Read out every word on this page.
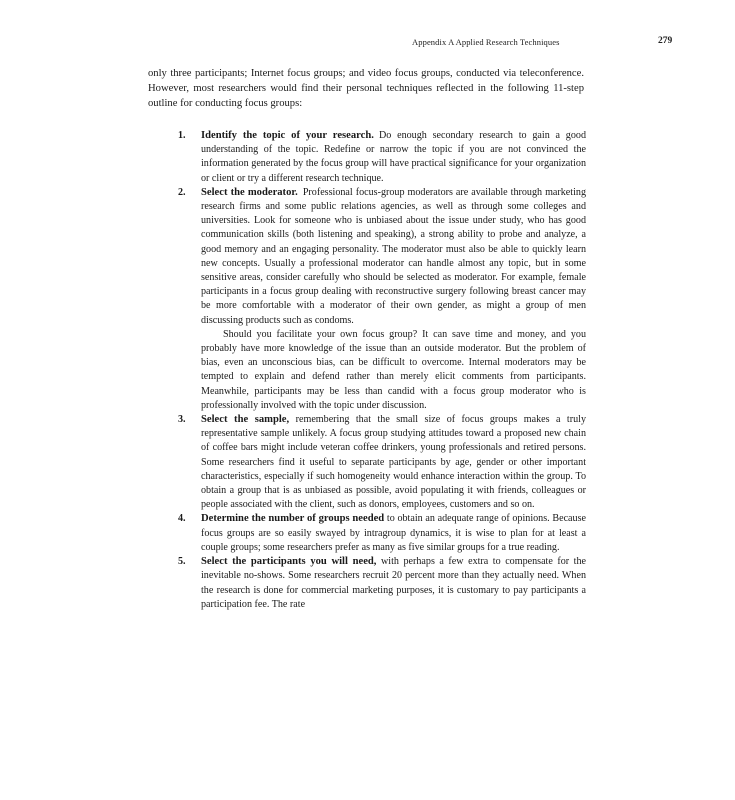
Appendix A Applied Research Techniques	279

only three participants; Internet focus groups; and video focus groups, conducted via teleconference. However, most researchers would find their personal techniques reflected in the following 11-step outline for conducting focus groups:

1. Identify the topic of your research.  Do enough secondary research to gain a good understanding of the topic. Redefine or narrow the topic if you are not convinced the information generated by the focus group will have practical significance for your organization or client or try a different research technique.

2. Select the moderator.  Professional focus-group moderators are available through marketing research firms and some public relations agencies, as well as through some colleges and universities. Look for someone who is unbiased about the issue under study, who has good communication skills (both listening and speaking), a strong ability to probe and analyze, a good memory and an engaging personality. The moderator must also be able to quickly learn new concepts. Usually a professional moderator can handle almost any topic, but in some sensitive areas, consider carefully who should be selected as moderator. For example, female participants in a focus group dealing with reconstructive surgery following breast cancer may be more comfortable with a moderator of their own gender, as might a group of men discussing products such as condoms.

Should you facilitate your own focus group? It can save time and money, and you probably have more knowledge of the issue than an outside moderator. But the problem of bias, even an unconscious bias, can be difficult to overcome. Internal moderators may be tempted to explain and defend rather than merely elicit comments from participants. Meanwhile, participants may be less than candid with a focus group moderator who is professionally involved with the topic under discussion.

3. Select the sample, remembering that the small size of focus groups makes a truly representative sample unlikely. A focus group studying attitudes toward a proposed new chain of coffee bars might include veteran coffee drinkers, young professionals and retired persons. Some researchers find it useful to separate participants by age, gender or other important characteristics, especially if such homogeneity would enhance interaction within the group. To obtain a group that is as unbiased as possible, avoid populating it with friends, colleagues or people associated with the client, such as donors, employees, customers and so on.

4. Determine the number of groups needed to obtain an adequate range of opinions. Because focus groups are so easily swayed by intragroup dynamics, it is wise to plan for at least a couple groups; some researchers prefer as many as five similar groups for a true reading.

5. Select the participants you will need, with perhaps a few extra to compensate for the inevitable no-shows. Some researchers recruit 20 percent more than they actually need. When the research is done for commercial marketing purposes, it is customary to pay participants a participation fee. The rate
